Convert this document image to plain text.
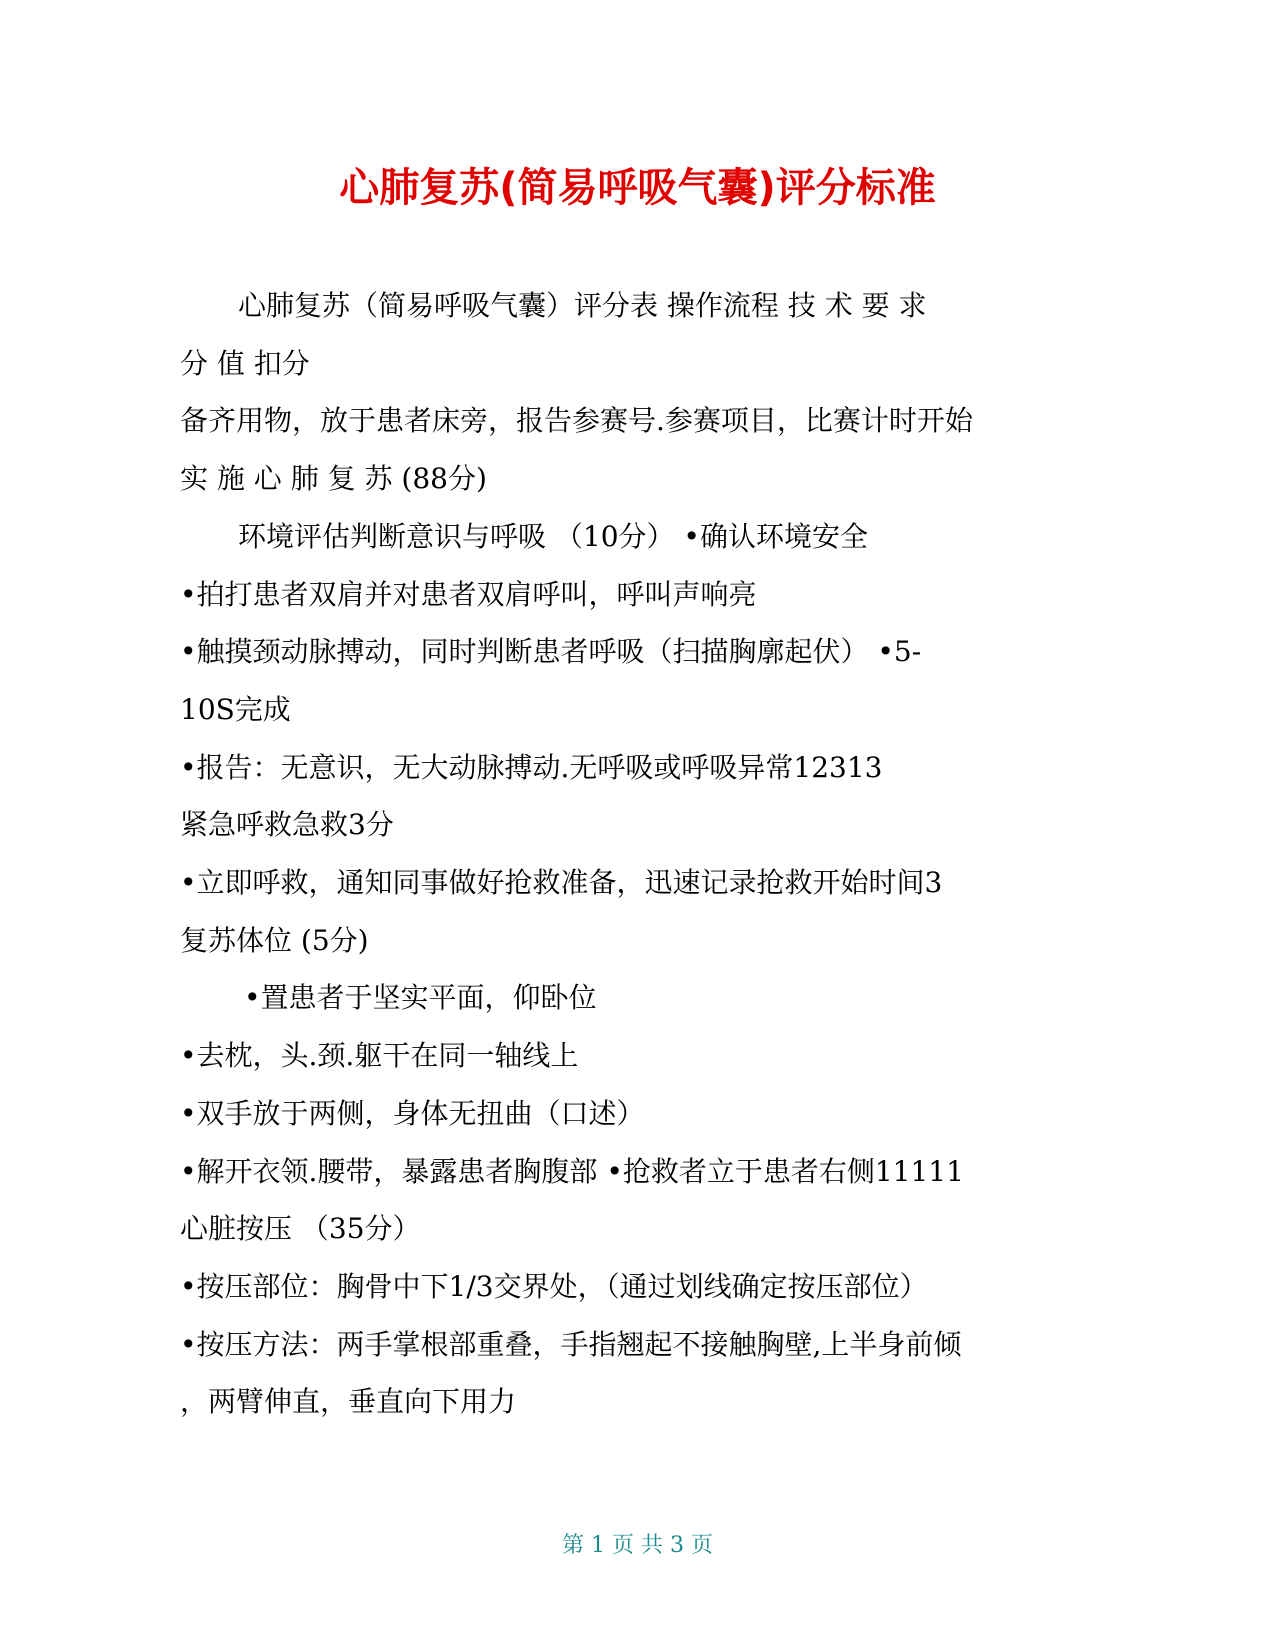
心肺复苏(简易呼吸气囊)评分标准
心肺复苏（简易呼吸气囊）评分表 操作流程 技 术 要 求
分 值 扣分
备齐用物，放于患者床旁，报告参赛号.参赛项目，比赛计时开始
实 施 心 肺 复 苏 (88分)
环境评估判断意识与呼吸 （10分） •确认环境安全
•拍打患者双肩并对患者双肩呼叫，呼叫声响亮
•触摸颈动脉搏动，同时判断患者呼吸（扫描胸廓起伏） •5-
10S完成
•报告：无意识，无大动脉搏动.无呼吸或呼吸异常12313
紧急呼救急救3分
•立即呼救，通知同事做好抢救准备，迅速记录抢救开始时间3
复苏体位 (5分)
•置患者于坚实平面，仰卧位
•去枕，头.颈.躯干在同一轴线上
•双手放于两侧，身体无扭曲（口述）
•解开衣领.腰带，暴露患者胸腹部 •抢救者立于患者右侧11111
心脏按压 （35分）
•按压部位：胸骨中下1/3交界处，（通过划线确定按压部位）
•按压方法：两手掌根部重叠，手指翘起不接触胸壁,上半身前倾
，两臂伸直，垂直向下用力
第 1 页 共 3 页
